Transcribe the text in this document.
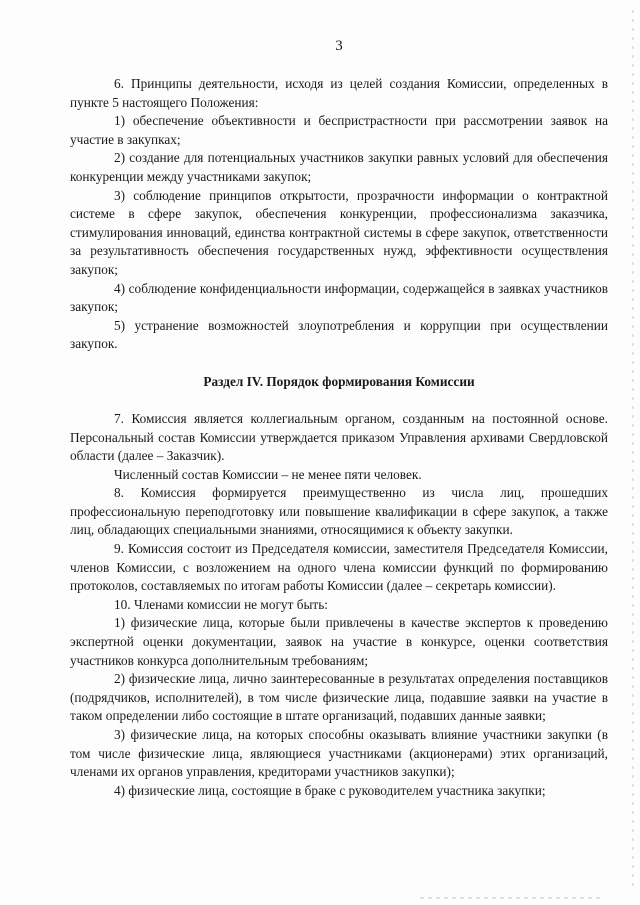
3

6. Принципы деятельности, исходя из целей создания Комиссии, определенных в пункте 5 настоящего Положения:

1) обеспечение объективности и беспристрастности при рассмотрении заявок на участие в закупках;

2) создание для потенциальных участников закупки равных условий для обеспечения конкуренции между участниками закупок;

3) соблюдение принципов открытости, прозрачности информации о контрактной системе в сфере закупок, обеспечения конкуренции, профессионализма заказчика, стимулирования инноваций, единства контрактной системы в сфере закупок, ответственности за результативность обеспечения государственных нужд, эффективности осуществления закупок;

4) соблюдение конфиденциальности информации, содержащейся в заявках участников закупок;

5) устранение возможностей злоупотребления и коррупции при осуществлении закупок.

Раздел IV. Порядок формирования Комиссии

7. Комиссия является коллегиальным органом, созданным на постоянной основе. Персональный состав Комиссии утверждается приказом Управления архивами Свердловской области (далее – Заказчик).

Численный состав Комиссии – не менее пяти человек.

8. Комиссия формируется преимущественно из числа лиц, прошедших профессиональную переподготовку или повышение квалификации в сфере закупок, а также лиц, обладающих специальными знаниями, относящимися к объекту закупки.

9. Комиссия состоит из Председателя комиссии, заместителя Председателя Комиссии, членов Комиссии, с возложением на одного члена комиссии функций по формированию протоколов, составляемых по итогам работы Комиссии (далее – секретарь комиссии).

10. Членами комиссии не могут быть:

1) физические лица, которые были привлечены в качестве экспертов к проведению экспертной оценки документации, заявок на участие в конкурсе, оценки соответствия участников конкурса дополнительным требованиям;

2) физические лица, лично заинтересованные в результатах определения поставщиков (подрядчиков, исполнителей), в том числе физические лица, подавшие заявки на участие в таком определении либо состоящие в штате организаций, подавших данные заявки;

3) физические лица, на которых способны оказывать влияние участники закупки (в том числе физические лица, являющиеся участниками (акционерами) этих организаций, членами их органов управления, кредиторами участников закупки);

4) физические лица, состоящие в браке с руководителем участника закупки;
